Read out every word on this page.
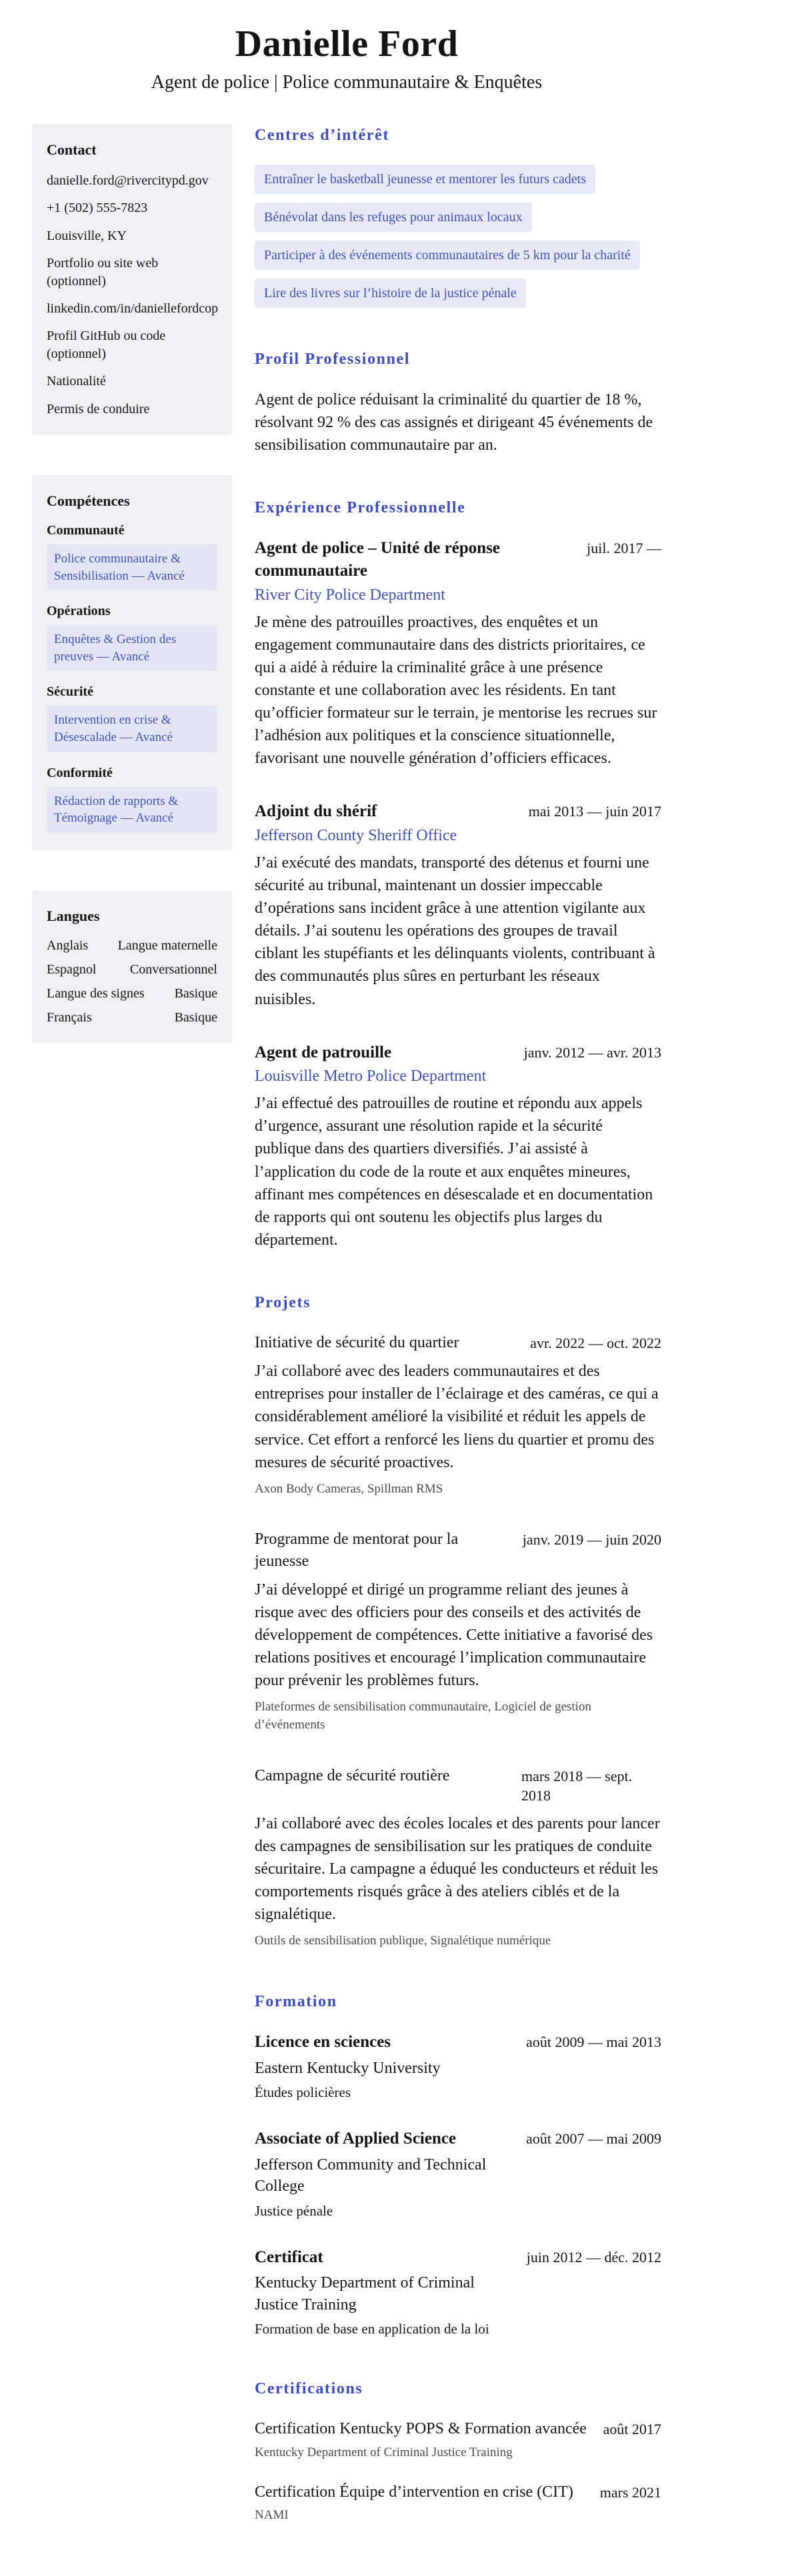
Danielle Ford
Agent de police | Police communautaire & Enquêtes
Contact
danielle.ford@rivercitypd.gov
+1 (502) 555-7823
Louisville, KY
Portfolio ou site web (optionnel)
linkedin.com/in/daniellefordcop
Profil GitHub ou code (optionnel)
Nationalité
Permis de conduire
Compétences
Communauté
Police communautaire & Sensibilisation — Avancé
Opérations
Enquêtes & Gestion des preuves — Avancé
Sécurité
Intervention en crise & Désescalade — Avancé
Conformité
Rédaction de rapports & Témoignage — Avancé
Langues
Anglais Langue maternelle
Espagnol	Conversationnel
Langue des signes Basique
Français	Basique
Centres d’intérêt
Entraîner le basketball jeunesse et mentorer les futurs cadets
Bénévolat dans les refuges pour animaux locaux
Participer à des événements communautaires de 5 km pour la charité
Lire des livres sur l’histoire de la justice pénale
Profil Professionnel

Agent de police réduisant la criminalité du quartier de 18 %, résolvant 92 % des cas assignés et dirigeant 45 événements de sensibilisation communautaire par an.

Expérience Professionnelle
Agent de police – Unité de réponse communautaire
River City Police Department
juil. 2017 —

Je mène des patrouilles proactives, des enquêtes et un engagement communautaire dans des districts prioritaires, ce qui a aidé à réduire la criminalité grâce à une présence constante et une collaboration avec les résidents. En tant qu’officier formateur sur le terrain, je mentorise les recrues sur l’adhésion aux politiques et la conscience situationnelle, favorisant une nouvelle génération d’officiers efficaces.

Adjoint du shérif
Jefferson County Sheriff Office
mai 2013 — juin 2017

J’ai exécuté des mandats, transporté des détenus et fourni une sécurité au tribunal, maintenant un dossier impeccable d’opérations sans incident grâce à une attention vigilante aux détails. J’ai soutenu les opérations des groupes de travail ciblant les stupéfiants et les délinquants violents, contribuant à des communautés plus sûres en perturbant les réseaux nuisibles.

Agent de patrouille
Louisville Metro Police Department
janv. 2012 — avr. 2013

J’ai effectué des patrouilles de routine et répondu aux appels d’urgence, assurant une résolution rapide et la sécurité publique dans des quartiers diversifiés. J’ai assisté à l’application du code de la route et aux enquêtes mineures, affinant mes compétences en désescalade et en documentation de rapports qui ont soutenu les objectifs plus larges du département.

Projets
Initiative de sécurité du quartier	avr. 2022 — oct. 2022

J’ai collaboré avec des leaders communautaires et des entreprises pour installer de l’éclairage et des caméras, ce qui a considérablement amélioré la visibilité et réduit les appels de service. Cet effort a renforcé les liens du quartier et promu des mesures de sécurité proactives.

Axon Body Cameras, Spillman RMS
Programme de mentorat pour la jeunesse
janv. 2019 — juin 2020

J’ai développé et dirigé un programme reliant des jeunes à risque avec des officiers pour des conseils et des activités de développement de compétences. Cette initiative a favorisé des relations positives et encouragé l’implication communautaire pour prévenir les problèmes futurs.

Plateformes de sensibilisation communautaire, Logiciel de gestion d’événements
Campagne de sécurité routière	mars 2018 — sept. 2018

J’ai collaboré avec des écoles locales et des parents pour lancer des campagnes de sensibilisation sur les pratiques de conduite sécuritaire. La campagne a éduqué les conducteurs et réduit les comportements risqués grâce à des ateliers ciblés et de la signalétique.

Outils de sensibilisation publique, Signalétique numérique
Formation
Licence en sciences
Eastern Kentucky University
août 2009 — mai 2013
Études policières
Associate of Applied Science
Jefferson Community and Technical College
août 2007 — mai 2009
Justice pénale
Certificat
Kentucky Department of Criminal Justice Training
juin 2012 — déc. 2012
Formation de base en application de la loi
Certifications
Certification Kentucky POPS & Formation avancée	août 2017
Kentucky Department of Criminal Justice Training
Certification Équipe d’intervention en crise (CIT)	mars 2021
NAMI
